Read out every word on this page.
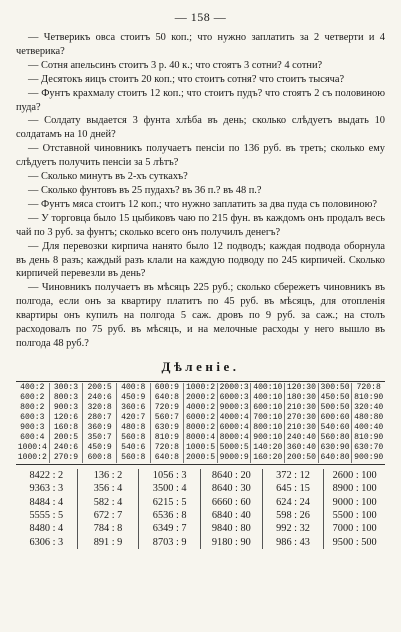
— 158 —

— Четверикъ овса стоитъ 50 коп.; что нужно заплатить за 2 четверти и 4 четверика?

— Сотня апельсинъ стоитъ 3 р. 40 к.; что стоятъ 3 сотни? 4 сотни?

— Десятокъ яицъ стоитъ 20 коп.; что стоитъ сотня? что стоитъ тысяча?

— Фунтъ крахмалу стоитъ 12 коп.; что стоитъ пудъ? что стоятъ 2 съ половиною пуда?

— Солдату выдается 3 фунта хлѣба въ день; сколько слѣдуетъ выдать 10 солдатамъ на 10 дней?

— Отставной чиновникъ получаетъ пенсiи по 136 руб. въ треть; сколько ему слѣдуетъ получить пенсiи за 5 лѣтъ?

— Сколько минутъ въ 2-хъ суткахъ?

— Сколько фунтовъ въ 25 пудахъ? въ 36 п.? въ 48 п.?

— Фунтъ мяса стоитъ 12 коп.; что нужно заплатить за два пуда съ половиною?

— У торговца было 15 цыбиковъ чаю по 215 фун. въ каждомъ онъ продалъ весь чай по 3 руб. за фунтъ; сколько всего онъ получилъ денегъ?

— Для перевозки кирпича нанято было 12 подводъ; каждая подвода оборнула въ день 8 разъ; каждый разъ клали на каждую подводу по 245 кирпичей. Сколько кирпичей перевезли въ день?

— Чиновникъ получаетъ въ мѣсяцъ 225 руб.; сколько сбережетъ чиновникъ въ полгода, если онъ за квартиру платитъ по 45 руб. въ мѣсяцъ, для отопленiя квартиры онъ купилъ на полгода 5 саж. дровъ по 9 руб. за саж.; на столъ расходовалъ по 75 руб. въ мѣсяцъ, и на мелочные расходы у него вышло въ полгода 48 руб.?

Дѣленiе.
400:2	300:3	200:5	400:8	600:9 1000:2 2000:3 400:10 120:30 300:50 720:8
600:2	800:3	240:6	450:9	640:8 2000:2 6000:3 400:10 180:30 450:50 810:90
800:2	900:3	320:8	360:6	720:9 4000:2 9000:3 600:10 210:30 500:50 320:40
600:3	120:6	280:7	420:7	560:7 6000:2 4000:4 700:10 270:30 600:60 480:80
900:3	160:8	360:9	480:8	630:9 8000:2 6000:4 800:10 210:30 540:60 400:40
600:4	200:5	350:7	560:8	810:9 8000:4 8000:4 900:10 240:40 560:80 810:90
1000:4 240:6	450:9	540:6	720:8 1000:5 5000:5 140:20 360:40 630:90 630:70
1000:2 270:9	600:8	560:8	640:8 2000:5 9000:9 160:20 200:50 640:80 900:90
8422 : 2	136 : 2	1056 : 3	8640 : 20	372 : 12	2600 : 100
9363 : 3	356 : 4	3500 : 4	8640 : 30	645 : 15	8900 : 100
8484 : 4	582 : 4	6215 : 5	6660 : 60	624 : 24	9000 : 100
5555 : 5	672 : 7	6536 : 8	6840 : 40	598 : 26	5500 : 100
8480 : 4	784 : 8	6349 : 7	9840 : 80	992 : 32	7000 : 100
6306 : 3	891 : 9	8703 : 9	9180 : 90	986 : 43	9500 : 500
